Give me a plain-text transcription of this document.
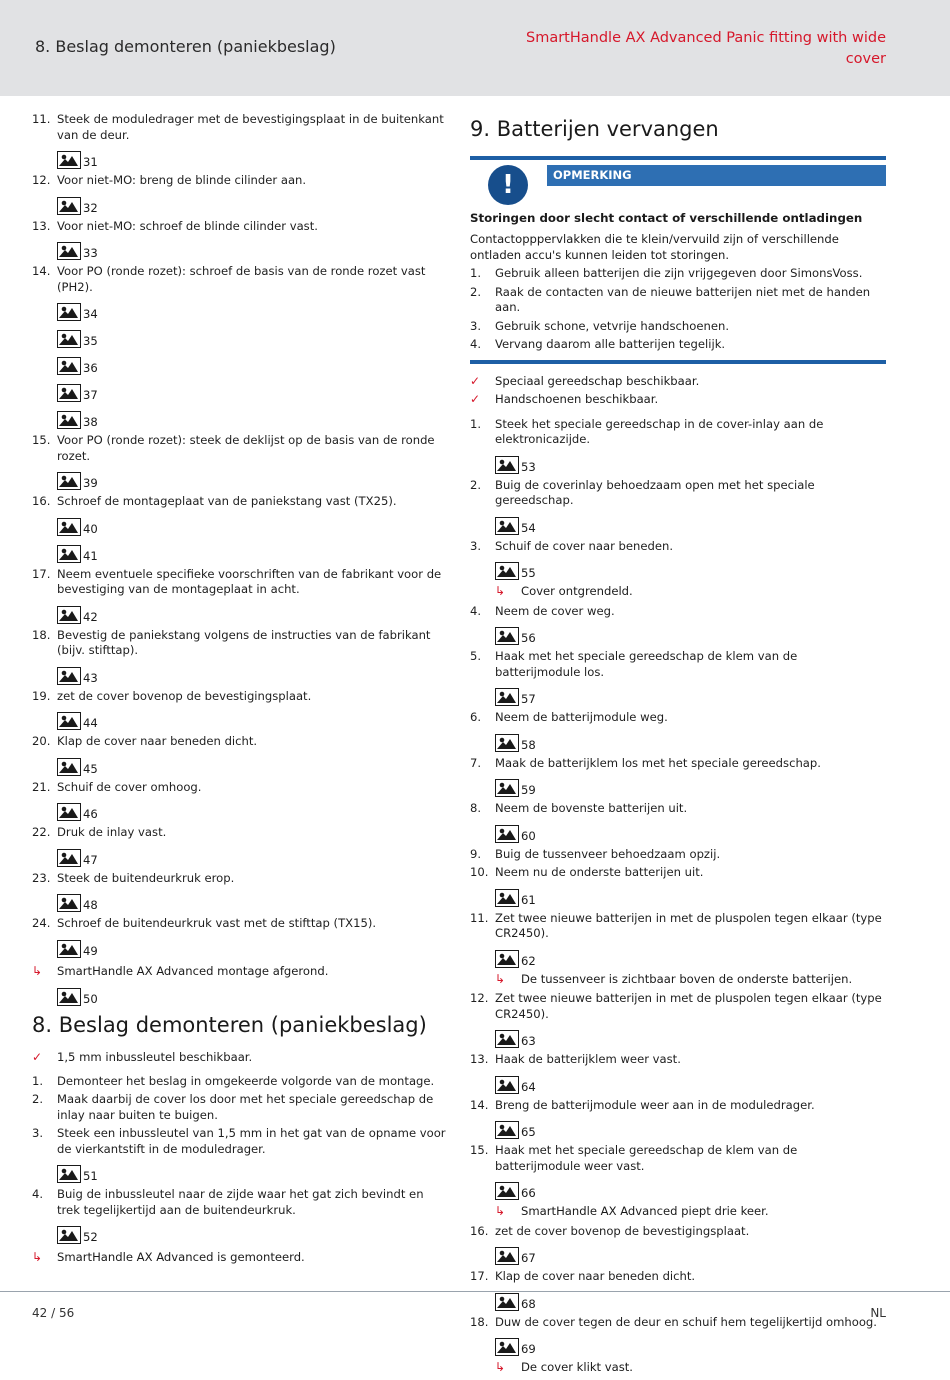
8. Beslag demonteren (paniekbeslag)	SmartHandle AX Advanced Panic fitting with wide cover
11. Steek de moduledrager met de bevestigingsplaat in de buitenkant van de deur.
31
12. Voor niet-MO: breng de blinde cilinder aan.
32
13. Voor niet-MO: schroef de blinde cilinder vast.
33
14. Voor PO (ronde rozet): schroef de basis van de ronde rozet vast (PH2).
34
35
36
37
38
15. Voor PO (ronde rozet): steek de deklijst op de basis van de ronde rozet.
39
16. Schroef de montageplaat van de paniekstang vast (TX25).
40
41
17. Neem eventuele specifieke voorschriften van de fabrikant voor de bevestiging van de montageplaat in acht.
42
18. Bevestig de paniekstang volgens de instructies van de fabrikant (bijv. stifttap).
43
19. zet de cover bovenop de bevestigingsplaat.
44
20. Klap de cover naar beneden dicht.
45
21. Schuif de cover omhoog.
46
22. Druk de inlay vast.
47
23. Steek de buitendeurkruk erop.
48
24. Schroef de buitendeurkruk vast met de stifttap (TX15).
49
↳ SmartHandle AX Advanced montage afgerond.
50
8. Beslag demonteren (paniekbeslag)
✓ 1,5 mm inbussleutel beschikbaar.
1. Demonteer het beslag in omgekeerde volgorde van de montage.
2. Maak daarbij de cover los door met het speciale gereedschap de inlay naar buiten te buigen.
3. Steek een inbussleutel van 1,5 mm in het gat van de opname voor de vierkantstift in de moduledrager.
51
4. Buig de inbussleutel naar de zijde waar het gat zich bevindt en trek tegelijkertijd aan de buitendeurkruk.
52
↳ SmartHandle AX Advanced is gemonteerd.
9. Batterijen vervangen
!	OPMERKING
Storingen door slecht contact of verschillende ontladingen
Contactopppervlakken die te klein/vervuild zijn of verschillende ontladen accu's kunnen leiden tot storingen.
1. Gebruik alleen batterijen die zijn vrijgegeven door SimonsVoss.
2. Raak de contacten van de nieuwe batterijen niet met de handen aan.
3. Gebruik schone, vetvrije handschoenen.
4. Vervang daarom alle batterijen tegelijk.
✓ Speciaal gereedschap beschikbaar.
✓ Handschoenen beschikbaar.
1. Steek het speciale gereedschap in de cover-inlay aan de elektronicazijde.
53
2. Buig de coverinlay behoedzaam open met het speciale gereedschap.
54
3. Schuif de cover naar beneden.
55
↳ Cover ontgrendeld.
4. Neem de cover weg.
56
5. Haak met het speciale gereedschap de klem van de batterijmodule los.
57
6. Neem de batterijmodule weg.
58
7. Maak de batterijklem los met het speciale gereedschap.
59
8. Neem de bovenste batterijen uit.
60
9. Buig de tussenveer behoedzaam opzij.
10. Neem nu de onderste batterijen uit.
61
11. Zet twee nieuwe batterijen in met de pluspolen tegen elkaar (type CR2450).
62
↳ De tussenveer is zichtbaar boven de onderste batterijen.
12. Zet twee nieuwe batterijen in met de pluspolen tegen elkaar (type CR2450).
63
13. Haak de batterijklem weer vast.
64
14. Breng de batterijmodule weer aan in de moduledrager.
65
15. Haak met het speciale gereedschap de klem van de batterijmodule weer vast.
66
↳ SmartHandle AX Advanced piept drie keer.
16. zet de cover bovenop de bevestigingsplaat.
67
17. Klap de cover naar beneden dicht.
68
18. Duw de cover tegen de deur en schuif hem tegelijkertijd omhoog.
69
↳ De cover klikt vast.
42 / 56	NL
